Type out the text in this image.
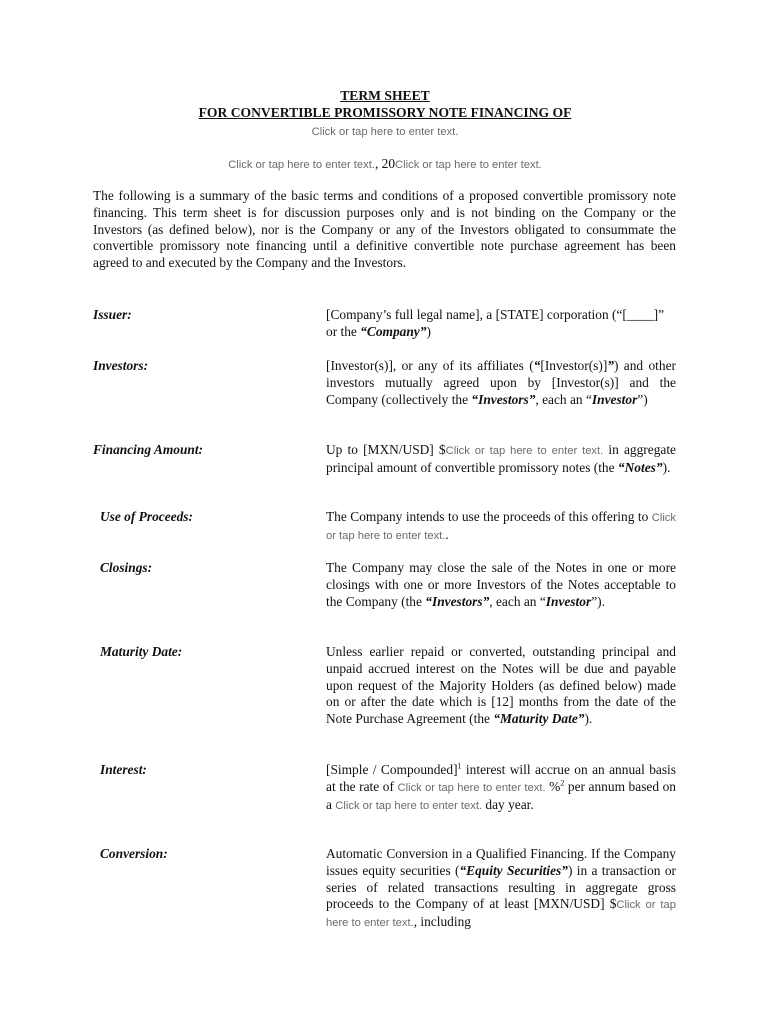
TERM SHEET
FOR CONVERTIBLE PROMISSORY NOTE FINANCING OF
Click or tap here to enter text.
Click or tap here to enter text., 20Click or tap here to enter text.
The following is a summary of the basic terms and conditions of a proposed convertible promissory note financing. This term sheet is for discussion purposes only and is not binding on the Company or the Investors (as defined below), nor is the Company or any of the Investors obligated to consummate the convertible promissory note financing until a definitive convertible note purchase agreement has been agreed to and executed by the Company and the Investors.
Issuer:	[Company’s full legal name], a [STATE] corporation (“[____]” or the “Company”)
Investors:	[Investor(s)], or any of its affiliates (“[Investor(s)]”) and other investors mutually agreed upon by [Investor(s)] and the Company (collectively the “Investors”, each an “Investor”)
Financing Amount:	Up to [MXN/USD] $Click or tap here to enter text. in aggregate principal amount of convertible promissory notes (the “Notes”).
Use of Proceeds:	The Company intends to use the proceeds of this offering to Click or tap here to enter text..
Closings:	The Company may close the sale of the Notes in one or more closings with one or more Investors of the Notes acceptable to the Company (the “Investors”, each an “Investor”).
Maturity Date:	Unless earlier repaid or converted, outstanding principal and unpaid accrued interest on the Notes will be due and payable upon request of the Majority Holders (as defined below) made on or after the date which is [12] months from the date of the Note Purchase Agreement (the “Maturity Date”).
Interest:	[Simple / Compounded]$^1$ interest will accrue on an annual basis at the rate of Click or tap here to enter text. %$^2$ per annum based on a Click or tap here to enter text. day year.
Conversion:	Automatic Conversion in a Qualified Financing. If the Company issues equity securities (“Equity Securities”) in a transaction or series of related transactions resulting in aggregate gross proceeds to the Company of at least [MXN/USD] $Click or tap here to enter text., including
